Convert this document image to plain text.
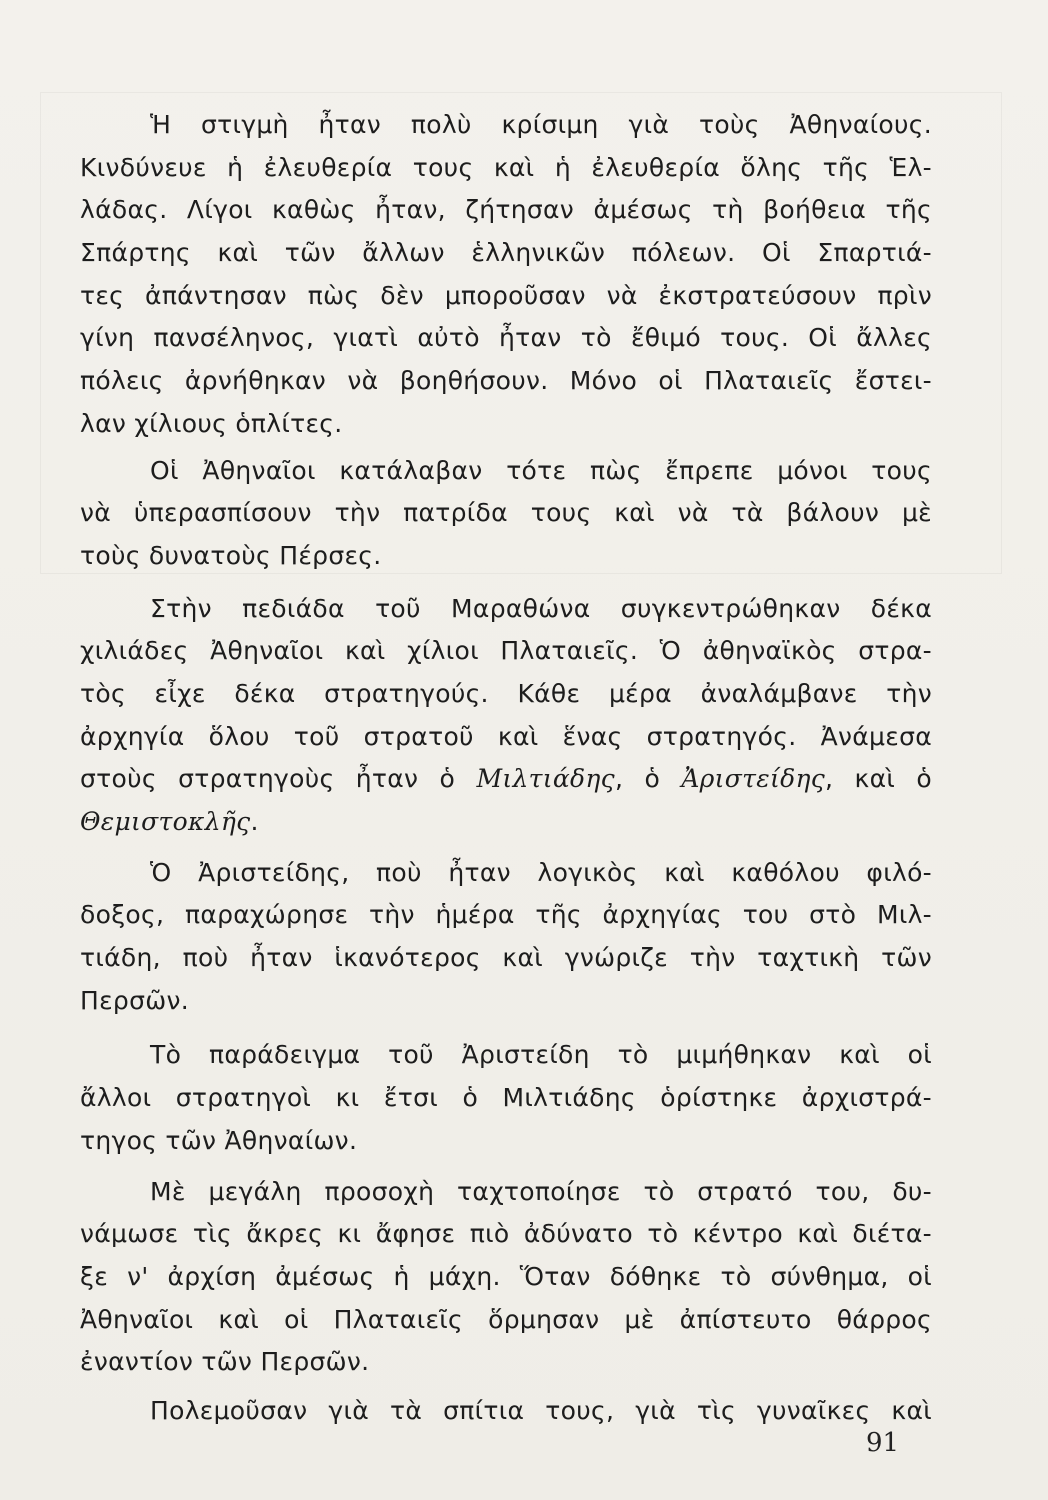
Ἡ στιγμὴ ἦταν πολὺ κρίσιμη γιὰ τοὺς Ἀθηναίους.
Κινδύνευε ἡ ἐλευθερία τους καὶ ἡ ἐλευθερία ὅλης τῆς Ἑλ-
λάδας. Λίγοι καθὼς ἦταν, ζήτησαν ἀμέσως τὴ βοήθεια τῆς
Σπάρτης καὶ τῶν ἄλλων ἑλληνικῶν πόλεων. Οἱ Σπαρτιά-
τες ἀπάντησαν πὼς δὲν μποροῦσαν νὰ ἐκστρατεύσουν πρὶν
γίνη πανσέληνος, γιατὶ αὐτὸ ἦταν τὸ ἔθιμό τους. Οἱ ἄλλες
πόλεις ἀρνήθηκαν νὰ βοηθήσουν. Μόνο οἱ Πλαταιεῖς ἔστει-
λαν χίλιους ὁπλίτες.
Οἱ Ἀθηναῖοι κατάλαβαν τότε πὼς ἔπρεπε μόνοι τους
νὰ ὑπερασπίσουν τὴν πατρίδα τους καὶ νὰ τὰ βάλουν μὲ
τοὺς δυνατοὺς Πέρσες.
Στὴν πεδιάδα τοῦ Μαραθώνα συγκεντρώθηκαν δέκα
χιλιάδες Ἀθηναῖοι καὶ χίλιοι Πλαταιεῖς. Ὁ ἀθηναϊκὸς στρα-
τὸς εἶχε δέκα στρατηγούς. Κάθε μέρα ἀναλάμβανε τὴν
ἀρχηγία ὅλου τοῦ στρατοῦ καὶ ἕνας στρατηγός. Ἀνάμεσα
στοὺς στρατηγοὺς ἦταν ὁ Μιλτιάδης, ὁ Ἀριστείδης, καὶ ὁ
Θεμιστοκλῆς.
Ὁ Ἀριστείδης, ποὺ ἦταν λογικὸς καὶ καθόλου φιλό-
δοξος, παραχώρησε τὴν ἡμέρα τῆς ἀρχηγίας του στὸ Μιλ-
τιάδη, ποὺ ἦταν ἱκανότερος καὶ γνώριζε τὴν ταχτικὴ τῶν
Περσῶν.
Τὸ παράδειγμα τοῦ Ἀριστείδη τὸ μιμήθηκαν καὶ οἱ
ἄλλοι στρατηγοὶ κι ἔτσι ὁ Μιλτιάδης ὁρίστηκε ἀρχιστρά-
τηγος τῶν Ἀθηναίων.
Μὲ μεγάλη προσοχὴ ταχτοποίησε τὸ στρατό του, δυ-
νάμωσε τὶς ἄκρες κι ἄφησε πιὸ ἀδύνατο τὸ κέντρο καὶ διέτα-
ξε ν' ἀρχίση ἀμέσως ἡ μάχη. Ὅταν δόθηκε τὸ σύνθημα, οἱ
Ἀθηναῖοι καὶ οἱ Πλαταιεῖς ὅρμησαν μὲ ἀπίστευτο θάρρος
ἐναντίον τῶν Περσῶν.
Πολεμοῦσαν γιὰ τὰ σπίτια τους, γιὰ τὶς γυναῖκες καὶ
91
